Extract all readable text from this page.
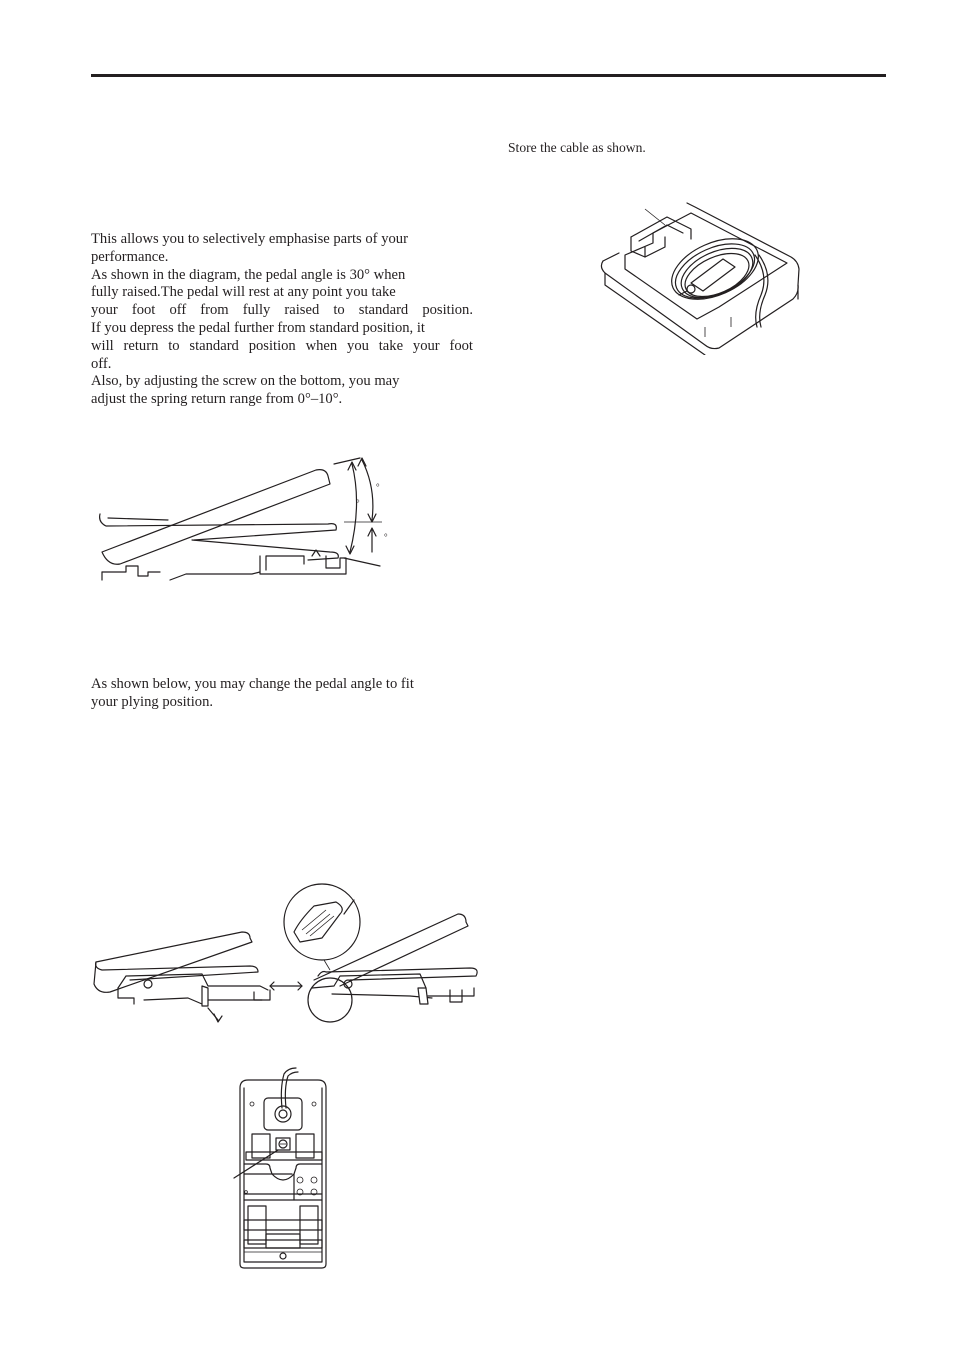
Store the cable as shown.

This allows you to selectively emphasise parts of your
performance.
As shown in the diagram, the pedal angle is 30° when
fully raised.The pedal will rest at any point you take
your foot off from fully raised to standard position.
If you depress the pedal further from standard position, it
will return to standard position when you take your foot
off.
Also, by adjusting the screw on the bottom, you may
adjust the spring return range from 0°–10°.
°
°
°
As shown below, you may change the pedal angle to fit
your plying position.
